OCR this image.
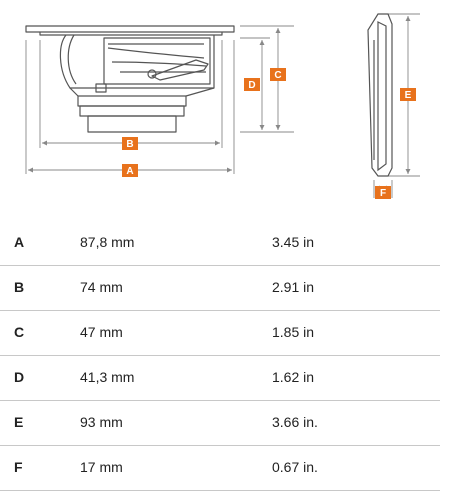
A
B
C
D
E
F
A	87,8 mm	3.45 in
B	74 mm	2.91 in
C	47 mm	1.85 in
D	41,3 mm	1.62 in
E	93 mm	3.66 in.
F	17 mm	0.67 in.
